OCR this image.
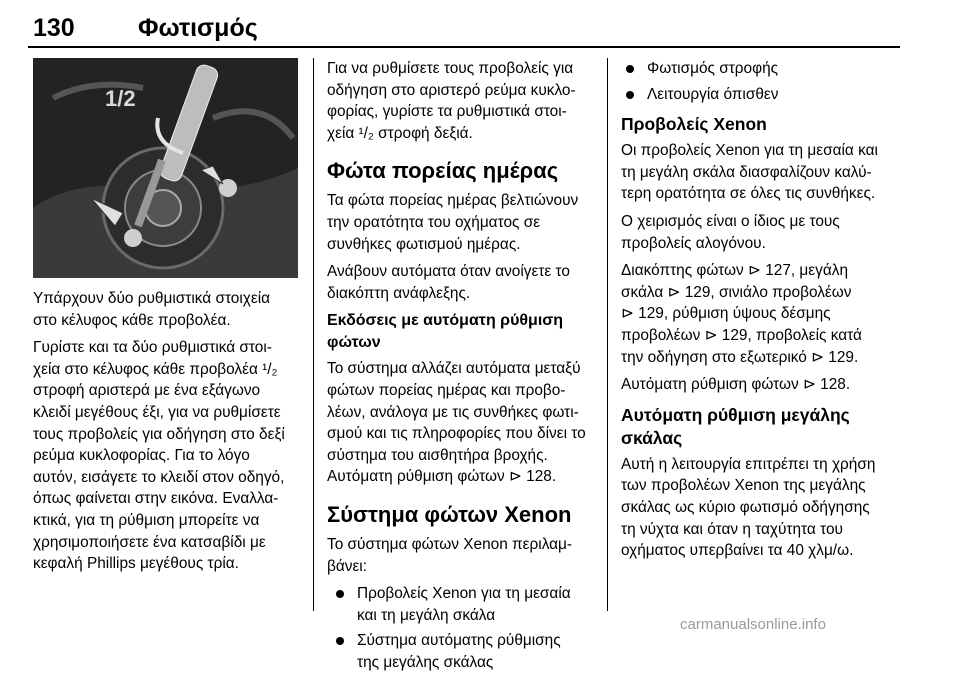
130	Φωτισμός
1/2

Υπάρχουν δύο ρυθμιστικά στοιχεία
στο κέλυφος κάθε προβολέα.

Γυρίστε και τα δύο ρυθμιστικά στοι-
χεία στο κέλυφος κάθε προβολέα ¹/₂
στροφή αριστερά με ένα εξάγωνο
κλειδί μεγέθους έξι, για να ρυθμίσετε
τους προβολείς για οδήγηση στο δεξί
ρεύμα κυκλοφορίας. Για το λόγο
αυτόν, εισάγετε το κλειδί στον οδηγό,
όπως φαίνεται στην εικόνα. Εναλλα-
κτικά, για τη ρύθμιση μπορείτε να
χρησιμοποιήσετε ένα κατσαβίδι με
κεφαλή Phillips μεγέθους τρία.

Για να ρυθμίσετε τους προβολείς για
οδήγηση στο αριστερό ρεύμα κυκλο-
φορίας, γυρίστε τα ρυθμιστικά στοι-
χεία ¹/₂ στροφή δεξιά.

Φώτα πορείας ημέρας

Τα φώτα πορείας ημέρας βελτιώνουν
την ορατότητα του οχήματος σε
συνθήκες φωτισμού ημέρας.

Ανάβουν αυτόματα όταν ανοίγετε το
διακόπτη ανάφλεξης.

Εκδόσεις με αυτόματη ρύθμιση
φώτων

Το σύστημα αλλάζει αυτόματα μεταξύ
φώτων πορείας ημέρας και προβο-
λέων, ανάλογα με τις συνθήκες φωτι-
σμού και τις πληροφορίες που δίνει το
σύστημα του αισθητήρα βροχής.
Αυτόματη ρύθμιση φώτων ⊳ 128.

Σύστημα φώτων Xenon

Το σύστημα φώτων Xenon περιλαμ-
βάνει:

Προβολείς Xenon για τη μεσαία
και τη μεγάλη σκάλα
Σύστημα αυτόματης ρύθμισης
της μεγάλης σκάλας
Φωτισμός στροφής
Λειτουργία όπισθεν
Προβολείς Xenon

Οι προβολείς Xenon για τη μεσαία και
τη μεγάλη σκάλα διασφαλίζουν καλύ-
τερη ορατότητα σε όλες τις συνθήκες.

Ο χειρισμός είναι ο ίδιος με τους
προβολείς αλογόνου.

Διακόπτης φώτων ⊳ 127, μεγάλη
σκάλα ⊳ 129, σινιάλο προβολέων
⊳ 129, ρύθμιση ύψους δέσμης
προβολέων ⊳ 129, προβολείς κατά
την οδήγηση στο εξωτερικό ⊳ 129.

Αυτόματη ρύθμιση φώτων ⊳ 128.

Αυτόματη ρύθμιση μεγάλης
σκάλας

Αυτή η λειτουργία επιτρέπει τη χρήση
των προβολέων Xenon της μεγάλης
σκάλας ως κύριο φωτισμό οδήγησης
τη νύχτα και όταν η ταχύτητα του
οχήματος υπερβαίνει τα 40 χλμ/ω.

carmanualsonline.info
